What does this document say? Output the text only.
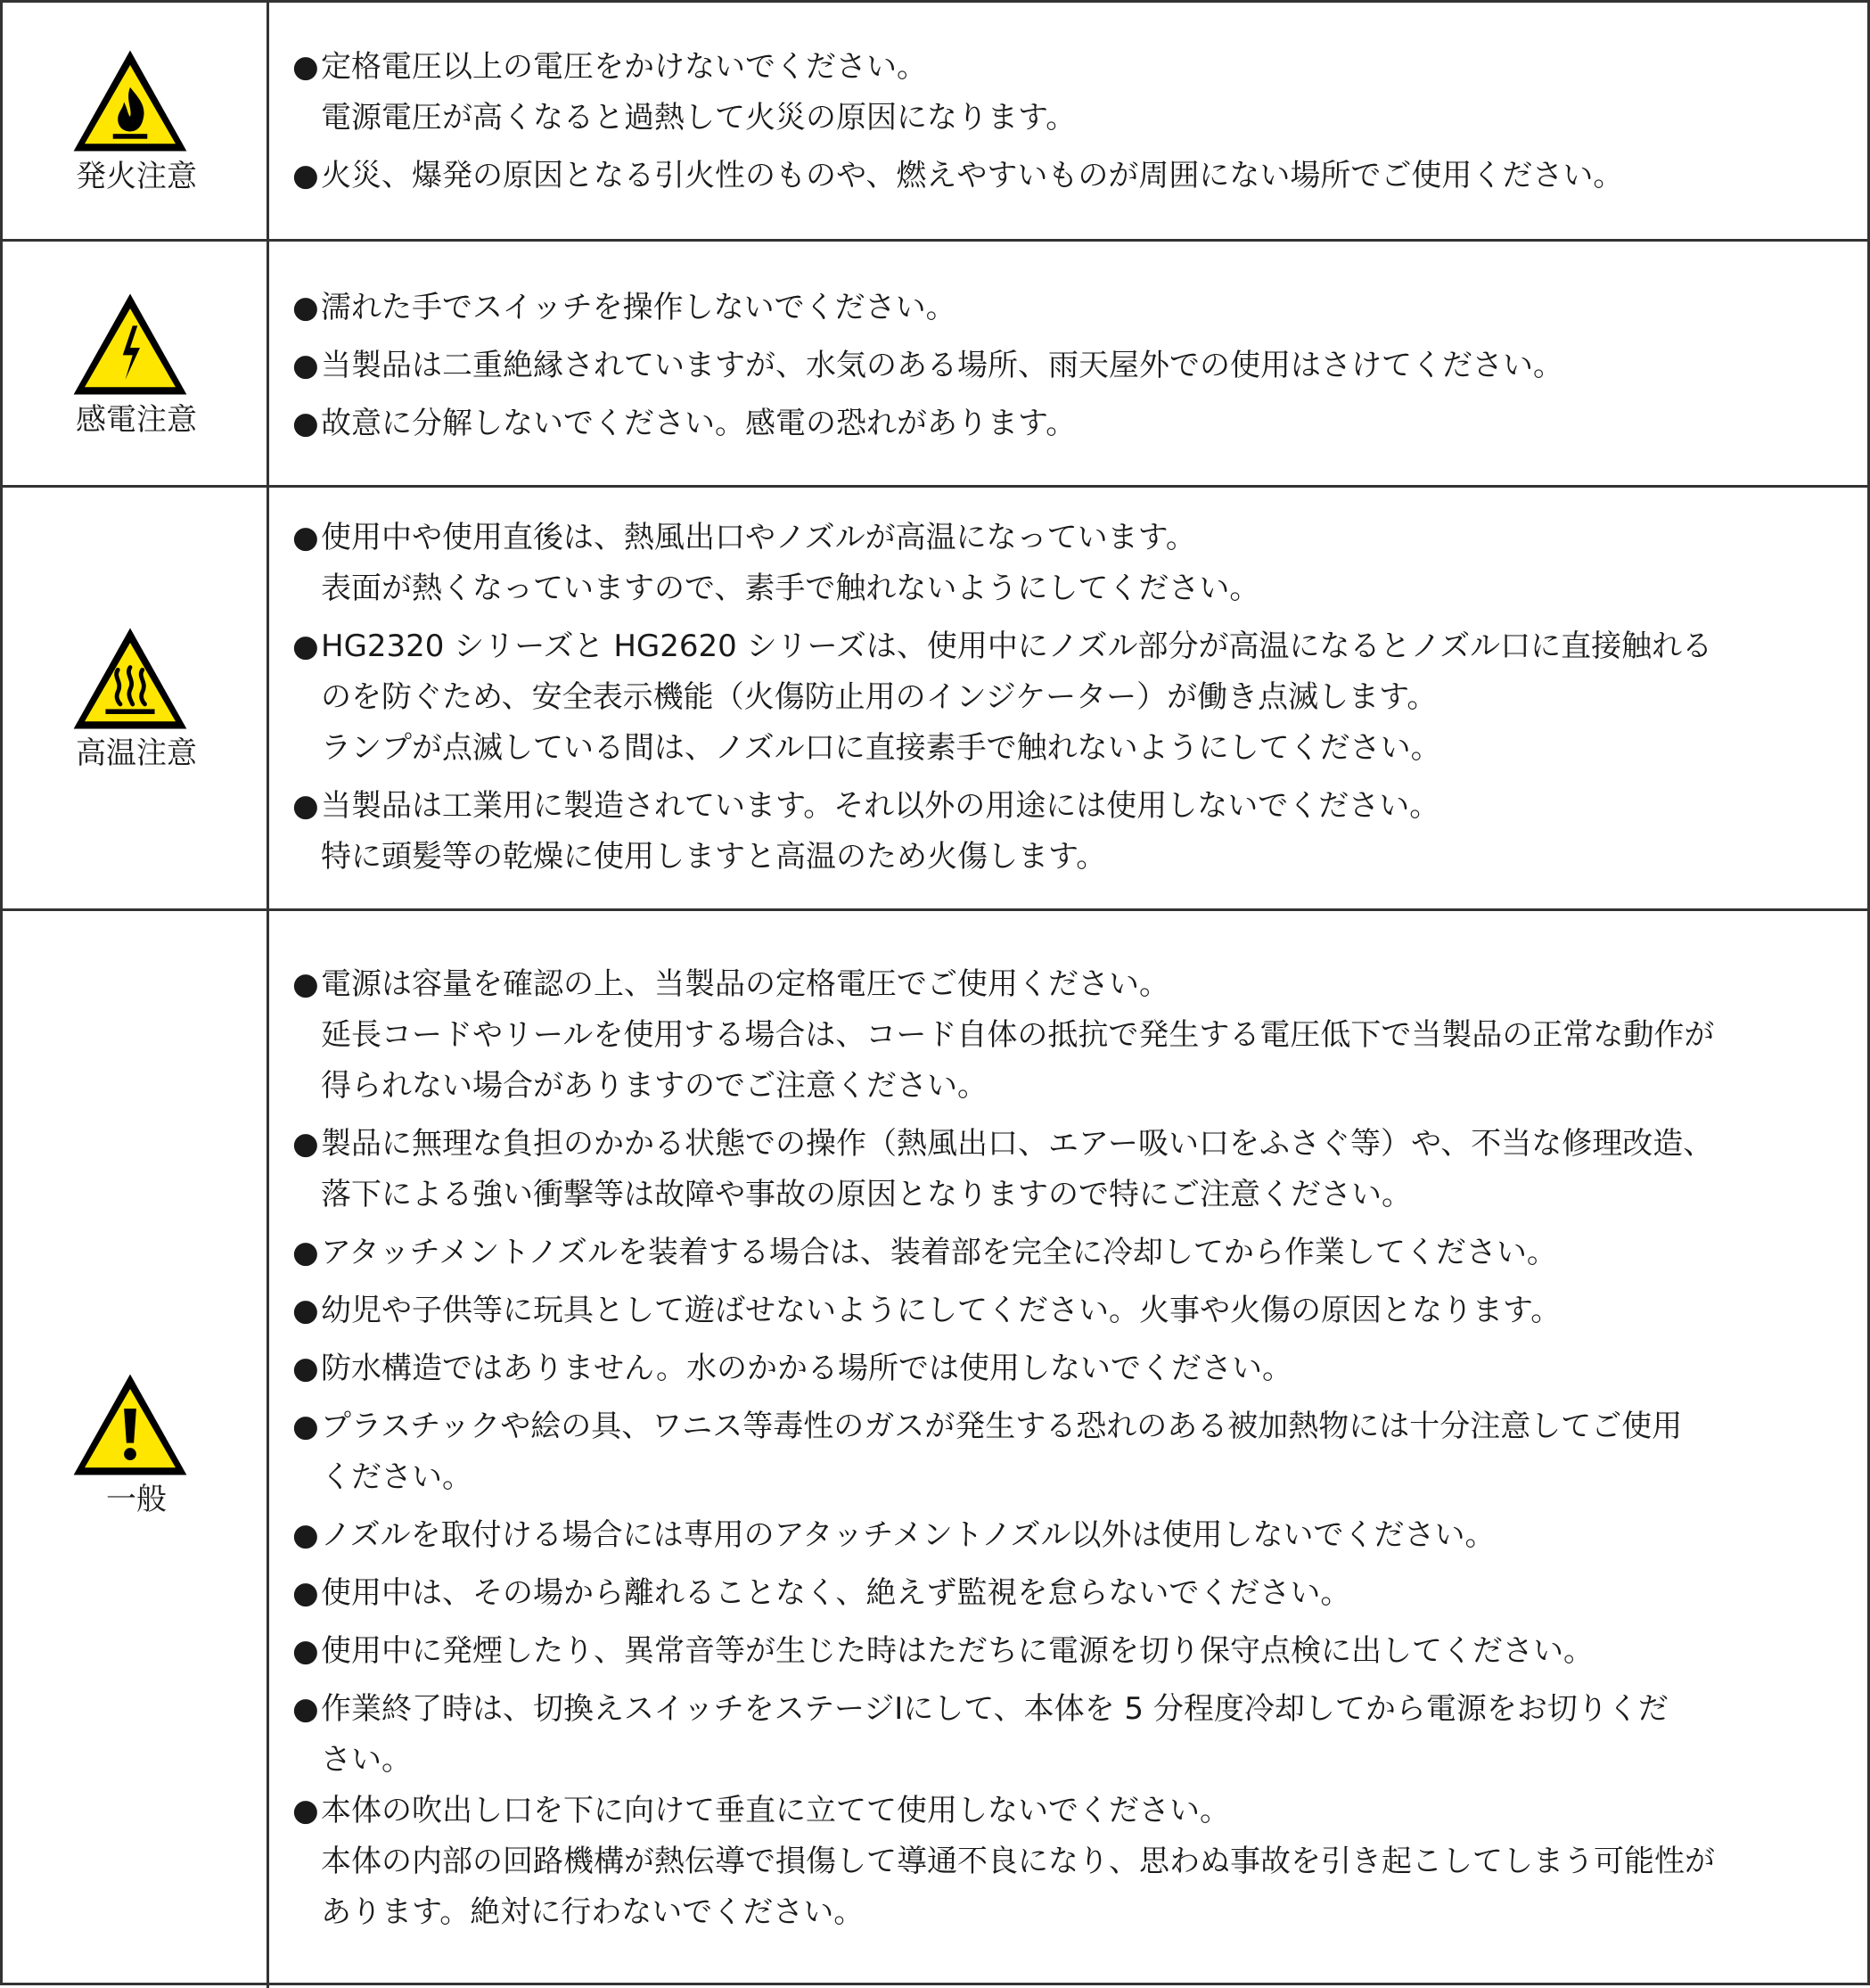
発火注意
● 定格電圧以上の電圧をかけないでください。
電源電圧が高くなると過熱して火災の原因になります。
● 火災、爆発の原因となる引火性のものや、燃えやすいものが周囲にない場所でご使用ください。
感電注意
● 濡れた手でスイッチを操作しないでください。
● 当製品は二重絶縁されていますが、水気のある場所、雨天屋外での使用はさけてください。
● 故意に分解しないでください。感電の恐れがあります。
高温注意
● 使用中や使用直後は、熱風出口やノズルが高温になっています。
表面が熱くなっていますので、素手で触れないようにしてください。
● HG2320 シリーズと HG2620 シリーズは、使用中にノズル部分が高温になるとノズル口に直接触れる
のを防ぐため、安全表示機能（火傷防止用のインジケーター）が働き点滅します。
ランプが点滅している間は、ノズル口に直接素手で触れないようにしてください。
● 当製品は工業用に製造されています。それ以外の用途には使用しないでください。
特に頭髪等の乾燥に使用しますと高温のため火傷します。
一般
● 電源は容量を確認の上、当製品の定格電圧でご使用ください。
延長コードやリールを使用する場合は、コード自体の抵抗で発生する電圧低下で当製品の正常な動作が
得られない場合がありますのでご注意ください。
● 製品に無理な負担のかかる状態での操作（熱風出口、エアー吸い口をふさぐ等）や、不当な修理改造、
落下による強い衝撃等は故障や事故の原因となりますので特にご注意ください。
● アタッチメントノズルを装着する場合は、装着部を完全に冷却してから作業してください。
● 幼児や子供等に玩具として遊ばせないようにしてください。火事や火傷の原因となります。
● 防水構造ではありません。水のかかる場所では使用しないでください。
● プラスチックや絵の具、ワニス等毒性のガスが発生する恐れのある被加熱物には十分注意してご使用
ください。
● ノズルを取付ける場合には専用のアタッチメントノズル以外は使用しないでください。
● 使用中は、その場から離れることなく、絶えず監視を怠らないでください。
● 使用中に発煙したり、異常音等が生じた時はただちに電源を切り保守点検に出してください。
● 作業終了時は、切換えスイッチをステージⅠにして、本体を 5 分程度冷却してから電源をお切りくだ
さい。
● 本体の吹出し口を下に向けて垂直に立てて使用しないでください。
本体の内部の回路機構が熱伝導で損傷して導通不良になり、思わぬ事故を引き起こしてしまう可能性が
あります。絶対に行わないでください。
